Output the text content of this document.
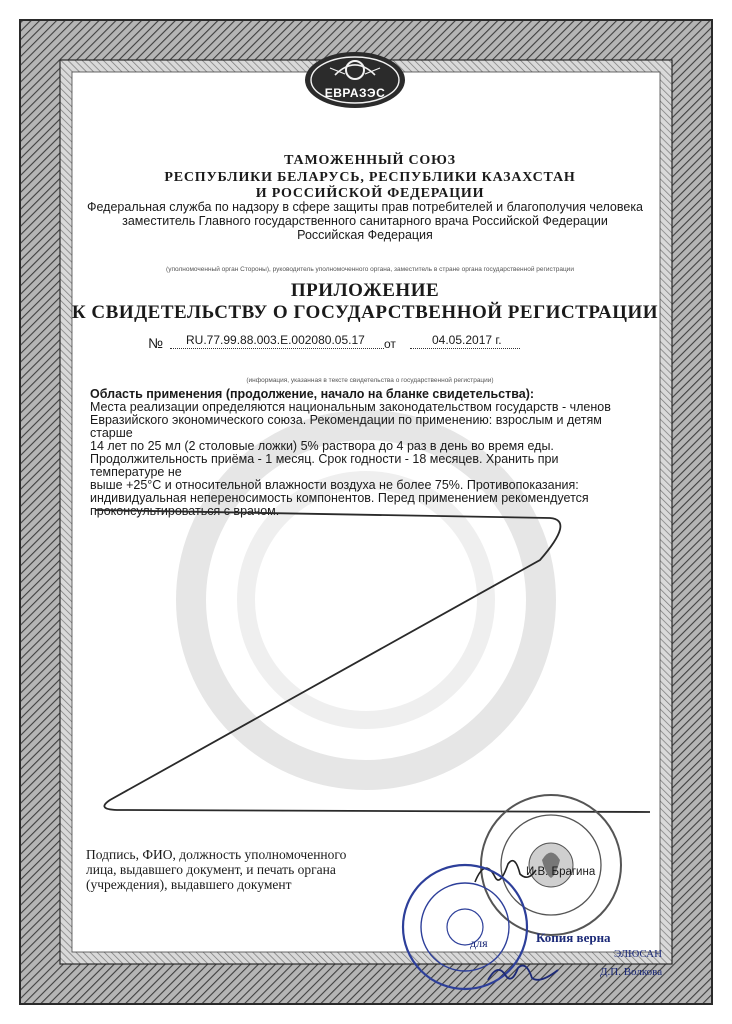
ЕВРАЗЭС
ТАМОЖЕННЫЙ СОЮЗ
РЕСПУБЛИКИ БЕЛАРУСЬ, РЕСПУБЛИКИ КАЗАХСТАН
И РОССИЙСКОЙ ФЕДЕРАЦИИ
Федеральная служба по надзору в сфере защиты прав потребителей и благополучия человека
заместитель Главного государственного санитарного врача Российской Федерации
Российская Федерация
(уполномоченный орган Стороны), руководитель уполномоченного органа, заместитель в стране органа государственной регистрации
ПРИЛОЖЕНИЕ
К СВИДЕТЕЛЬСТВУ О ГОСУДАРСТВЕННОЙ РЕГИСТРАЦИИ
№ RU.77.99.88.003.E.002080.05.17 от	04.05.2017 г.
(информация, указанная в тексте свидетельства о государственной регистрации)
Область применения (продолжение, начало на бланке свидетельства):
Места реализации определяются национальным законодательством государств - членов
Евразийского экономического союза. Рекомендации по применению: взрослым и детям старше
14 лет по 25 мл (2 столовые ложки) 5% раствора до 4 раз в день во время еды.
Продолжительность приёма - 1 месяц. Срок годности - 18 месяцев. Хранить при температуре не
выше +25°С и относительной влажности воздуха не более 75%. Противопоказания:
индивидуальная непереносимость компонентов. Перед применением рекомендуется
проконсультироваться с врачом.
Подпись, ФИО, должность уполномоченного
лица, выдавшего документ, и печать органа
(учреждения), выдавшего документ
И.В. Брагина
для	Копия верна
ЭЛЮСАН
Д.П. Волкова
